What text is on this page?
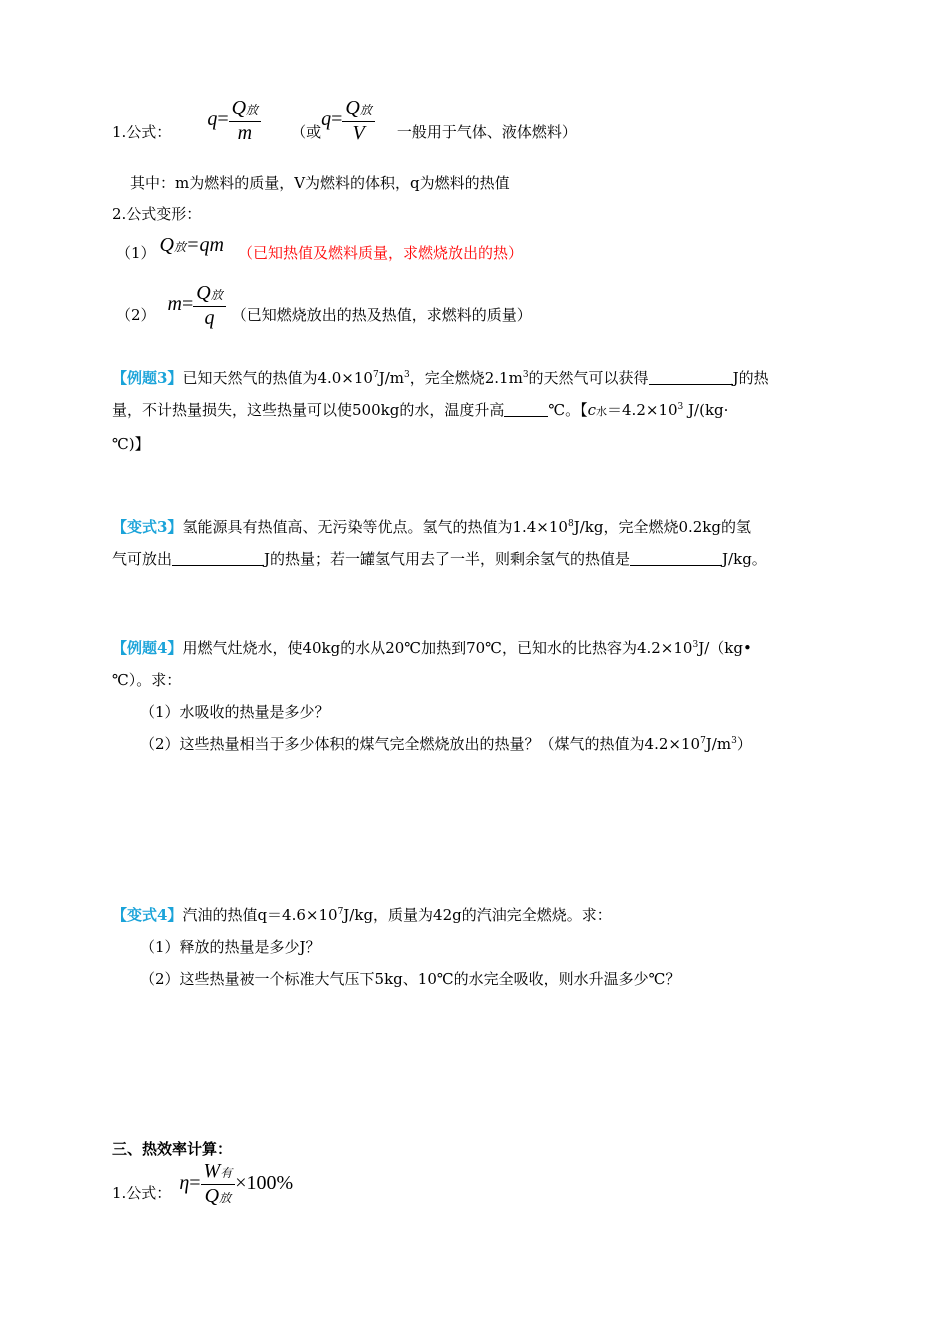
1.公式：
$q= \frac{\text{Q放}}{m}$ （或
$q= \frac{\text{Q放}}{V}$ 一般用于气体、液体燃料）
其中：m为燃料的质量，V为燃料的体积，q为燃料的热值
2.公式变形：
（1） Q放=qm （已知热值及燃料质量，求燃烧放出的热）
（2） $m= \frac{\text{Q放}}{q}$ （已知燃烧放出的热及热值，求燃料的质量）
【例题3】已知天然气的热值为$4.0\times 10^7J/m^3$，完全燃烧$2.1m^3$的天然气可以获得	J的热
量，不计热量损失，这些热量可以使500kg的水，温度升高	℃。【c水$=4.2\times 10^3$ J/(kg·
℃)】
【变式3】氢能源具有热值高、无污染等优点。氢气的热值为$1.4\times 10^8J/kg$，完全燃烧0.2kg的氢
气可放出	J的热量；若一罐氢气用去了一半，则剩余氢气的热值是	J/kg。
【例题4】用燃气灶烧水，使40kg的水从20℃加热到70℃，已知水的比热容为$4.2\times 10^3J/(kg•$
℃）。求：
（1）水吸收的热量是多少？
（2）这些热量相当于多少体积的煤气完全燃烧放出的热量？（煤气的热值为$4.2\times 10^7J/m^3$）
【变式4】汽油的热值$q=4.6\times 10^7J/kg$，质量为42g的汽油完全燃烧。求：
（1）释放的热量是多少J？
（2）这些热量被一个标准大气压下5kg、10℃的水完全吸收，则水升温多少℃？
三、热效率计算：
1.公式： $\eta= \frac{\text{W有}}{\text{Q放}} \times 100\%$
